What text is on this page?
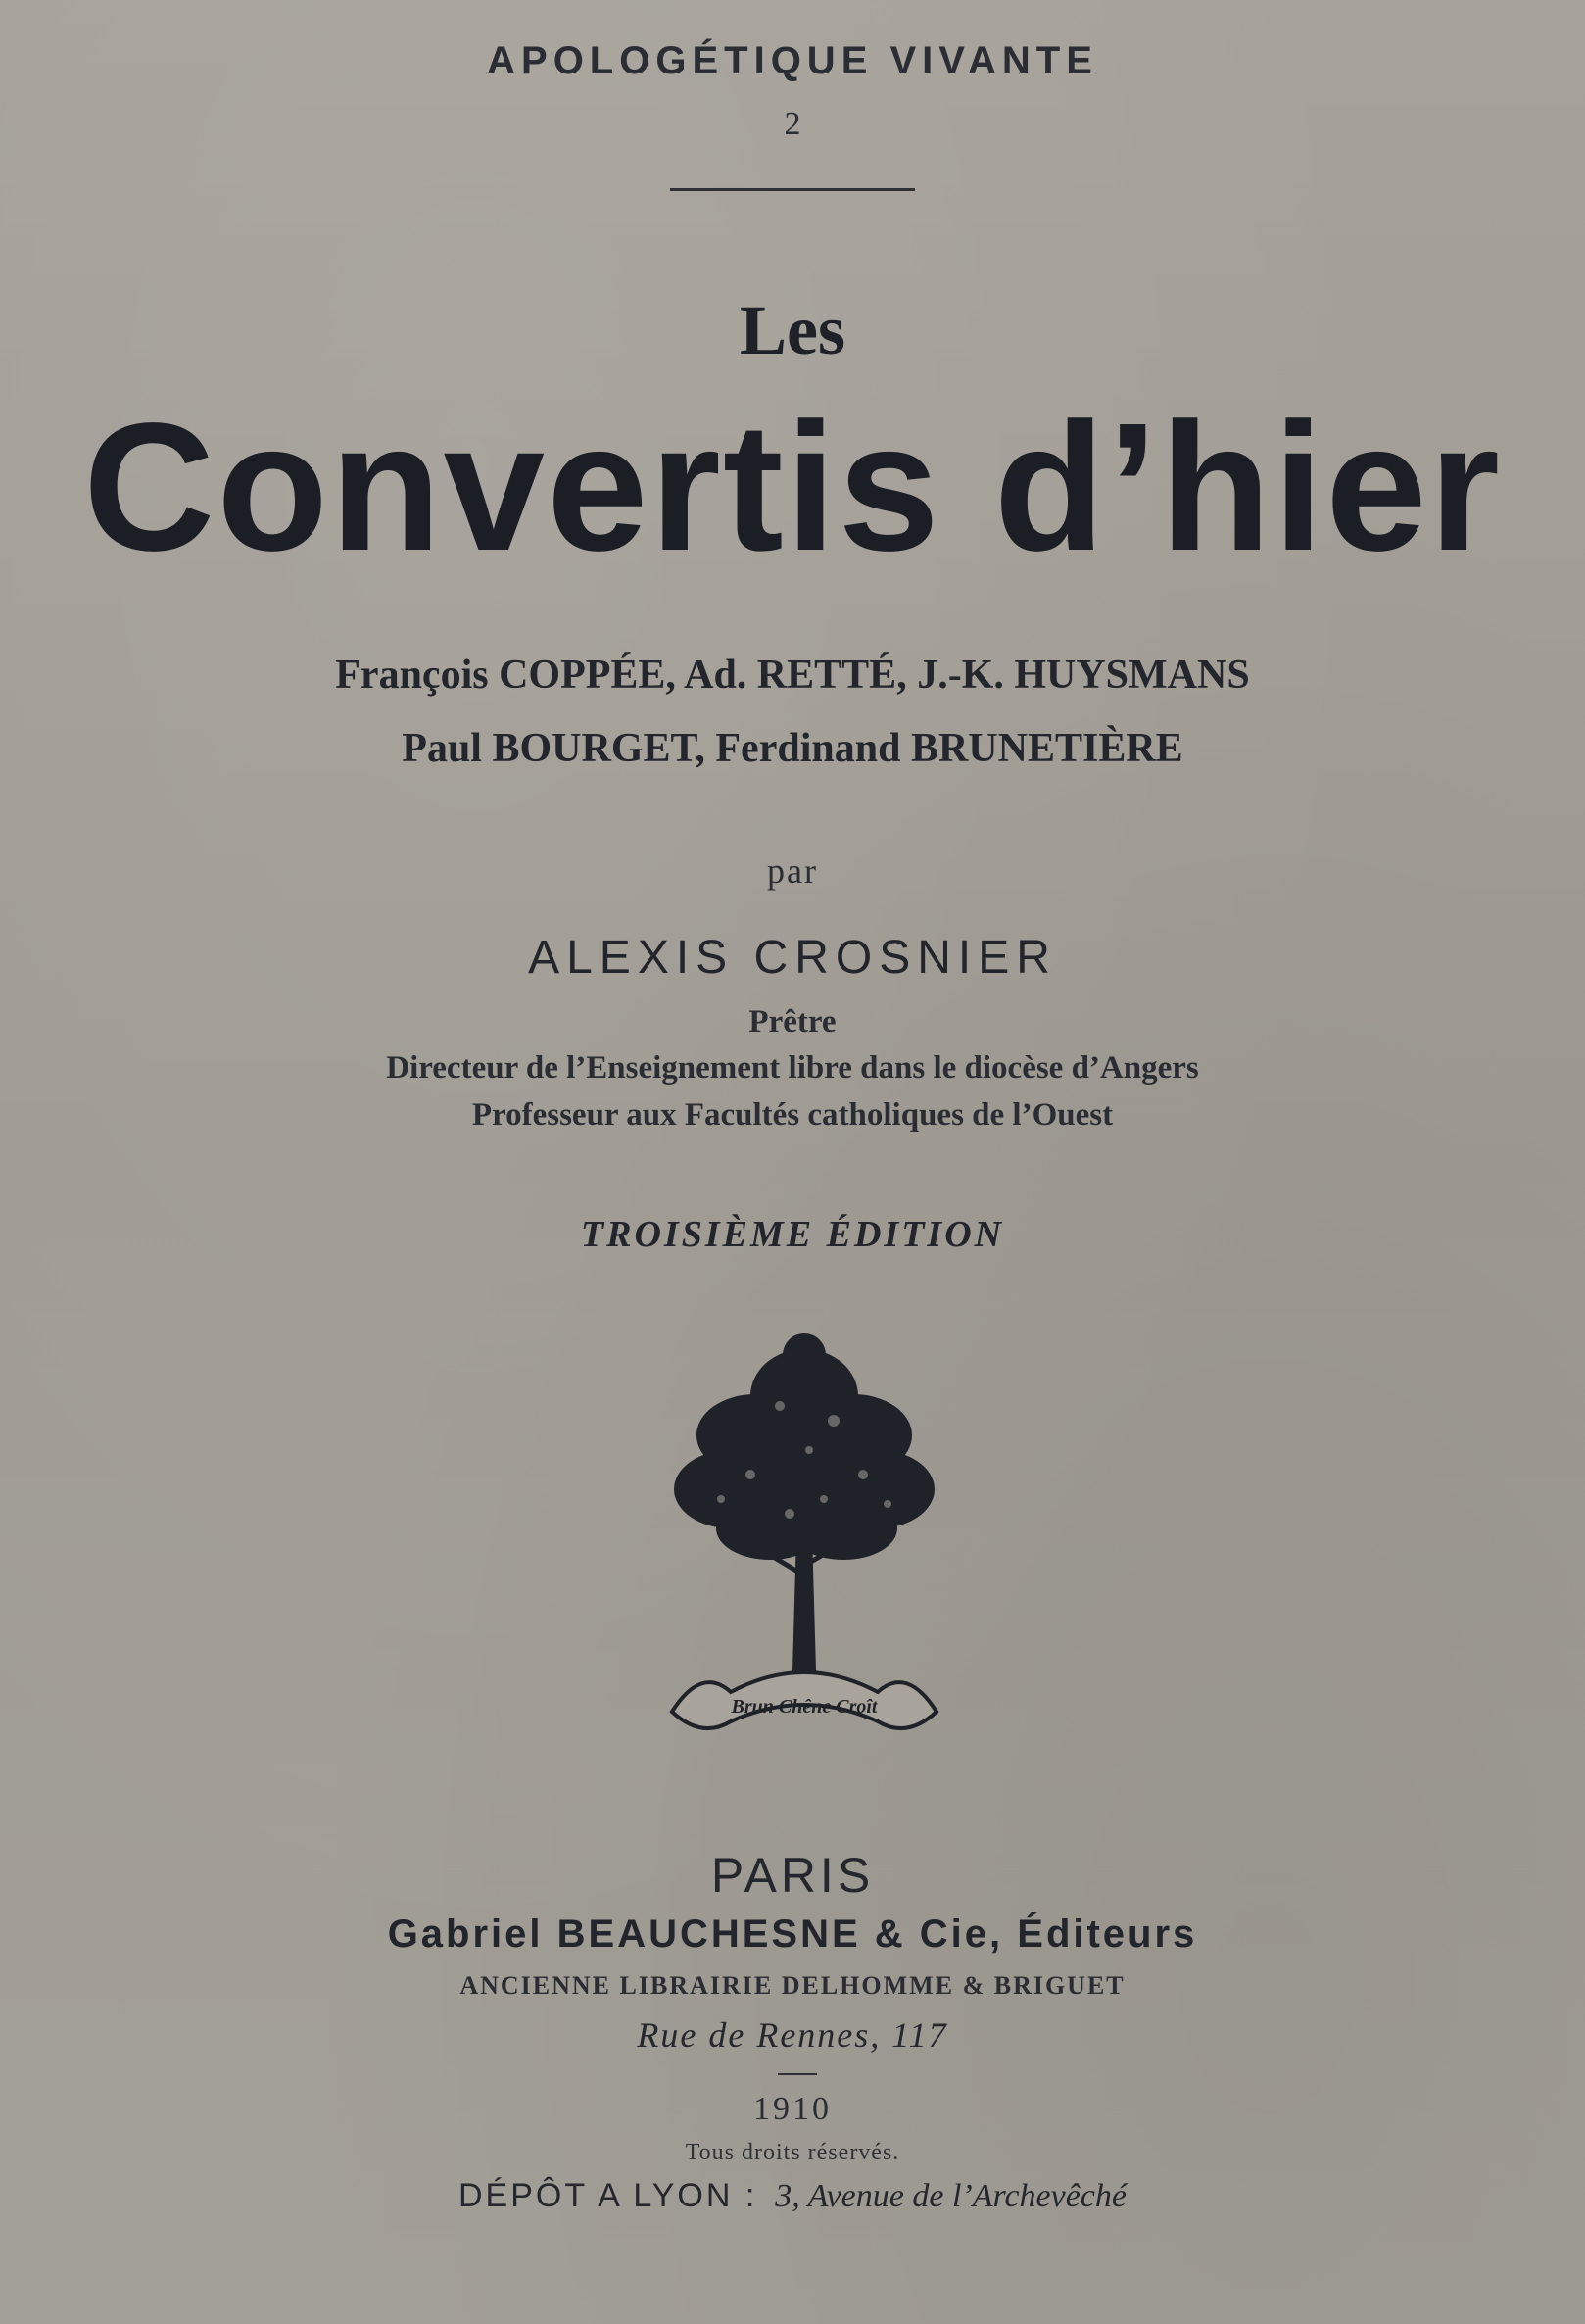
APOLOGÉTIQUE VIVANTE

2

Les

Convertis d’hier

François COPPÉE, Ad. RETTÉ, J.-K. HUYSMANS

Paul BOURGET, Ferdinand BRUNETIÈRE

par

ALEXIS CROSNIER

Prêtre

Directeur de l’Enseignement libre dans le diocèse d’Angers

Professeur aux Facultés catholiques de l’Ouest

TROISIÈME ÉDITION

Brun Chêne Croît

PARIS

Gabriel BEAUCHESNE & Cie, Éditeurs

ANCIENNE LIBRAIRIE DELHOMME & BRIGUET

Rue de Rennes, 117

1910

Tous droits réservés.

DÉPÔT A LYON : 3, Avenue de l’Archevêché
